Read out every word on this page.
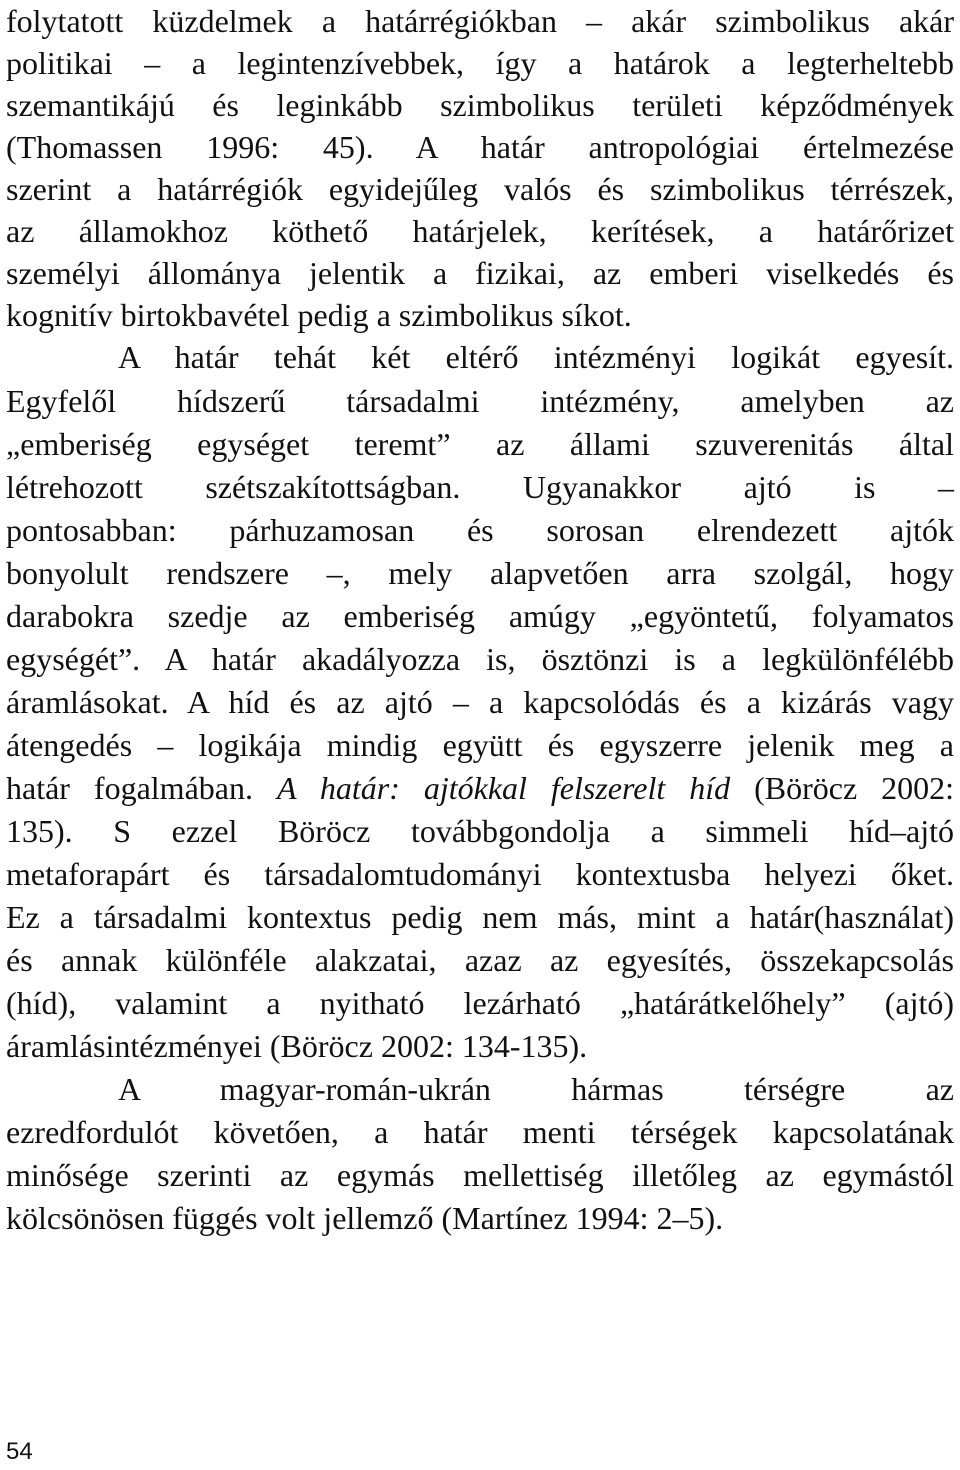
folytatott küzdelmek a határrégiókban – akár szimbolikus akár
politikai – a legintenzívebbek, így a határok a legterheltebb
szemantikájú és leginkább szimbolikus területi képződmények
(Thomassen 1996: 45). A határ antropológiai értelmezése
szerint a határrégiók egyidejűleg valós és szimbolikus térrészek,
az államokhoz köthető határjelek, kerítések, a határőrizet
személyi állománya jelentik a fizikai, az emberi viselkedés és
kognitív birtokbavétel pedig a szimbolikus síkot.
A határ tehát két eltérő intézményi logikát egyesít.
Egyfelől hídszerű társadalmi intézmény, amelyben az
„emberiség egységet teremt” az állami szuverenitás által
létrehozott szétszakítottságban. Ugyanakkor ajtó is –
pontosabban: párhuzamosan és sorosan elrendezett ajtók
bonyolult rendszere –, mely alapvetően arra szolgál, hogy
darabokra szedje az emberiség amúgy „egyöntetű, folyamatos
egységét”. A határ akadályozza is, ösztönzi is a legkülönfélébb
áramlásokat. A híd és az ajtó – a kapcsolódás és a kizárás vagy
átengedés – logikája mindig együtt és egyszerre jelenik meg a
határ fogalmában. A határ: ajtókkal felszerelt híd (Böröcz 2002:
135). S ezzel Böröcz továbbgondolja a simmeli híd–ajtó
metaforapárt és társadalomtudományi kontextusba helyezi őket.
Ez a társadalmi kontextus pedig nem más, mint a határ(használat)
és annak különféle alakzatai, azaz az egyesítés, összekapcsolás
(híd), valamint a nyitható lezárható „határátkelőhely” (ajtó)
áramlásintézményei (Böröcz 2002: 134-135).
A magyar-román-ukrán hármas térségre az
ezredfordulót követően, a határ menti térségek kapcsolatának
minősége szerinti az egymás mellettiség illetőleg az egymástól
kölcsönösen függés volt jellemző (Martínez 1994: 2–5).
54
